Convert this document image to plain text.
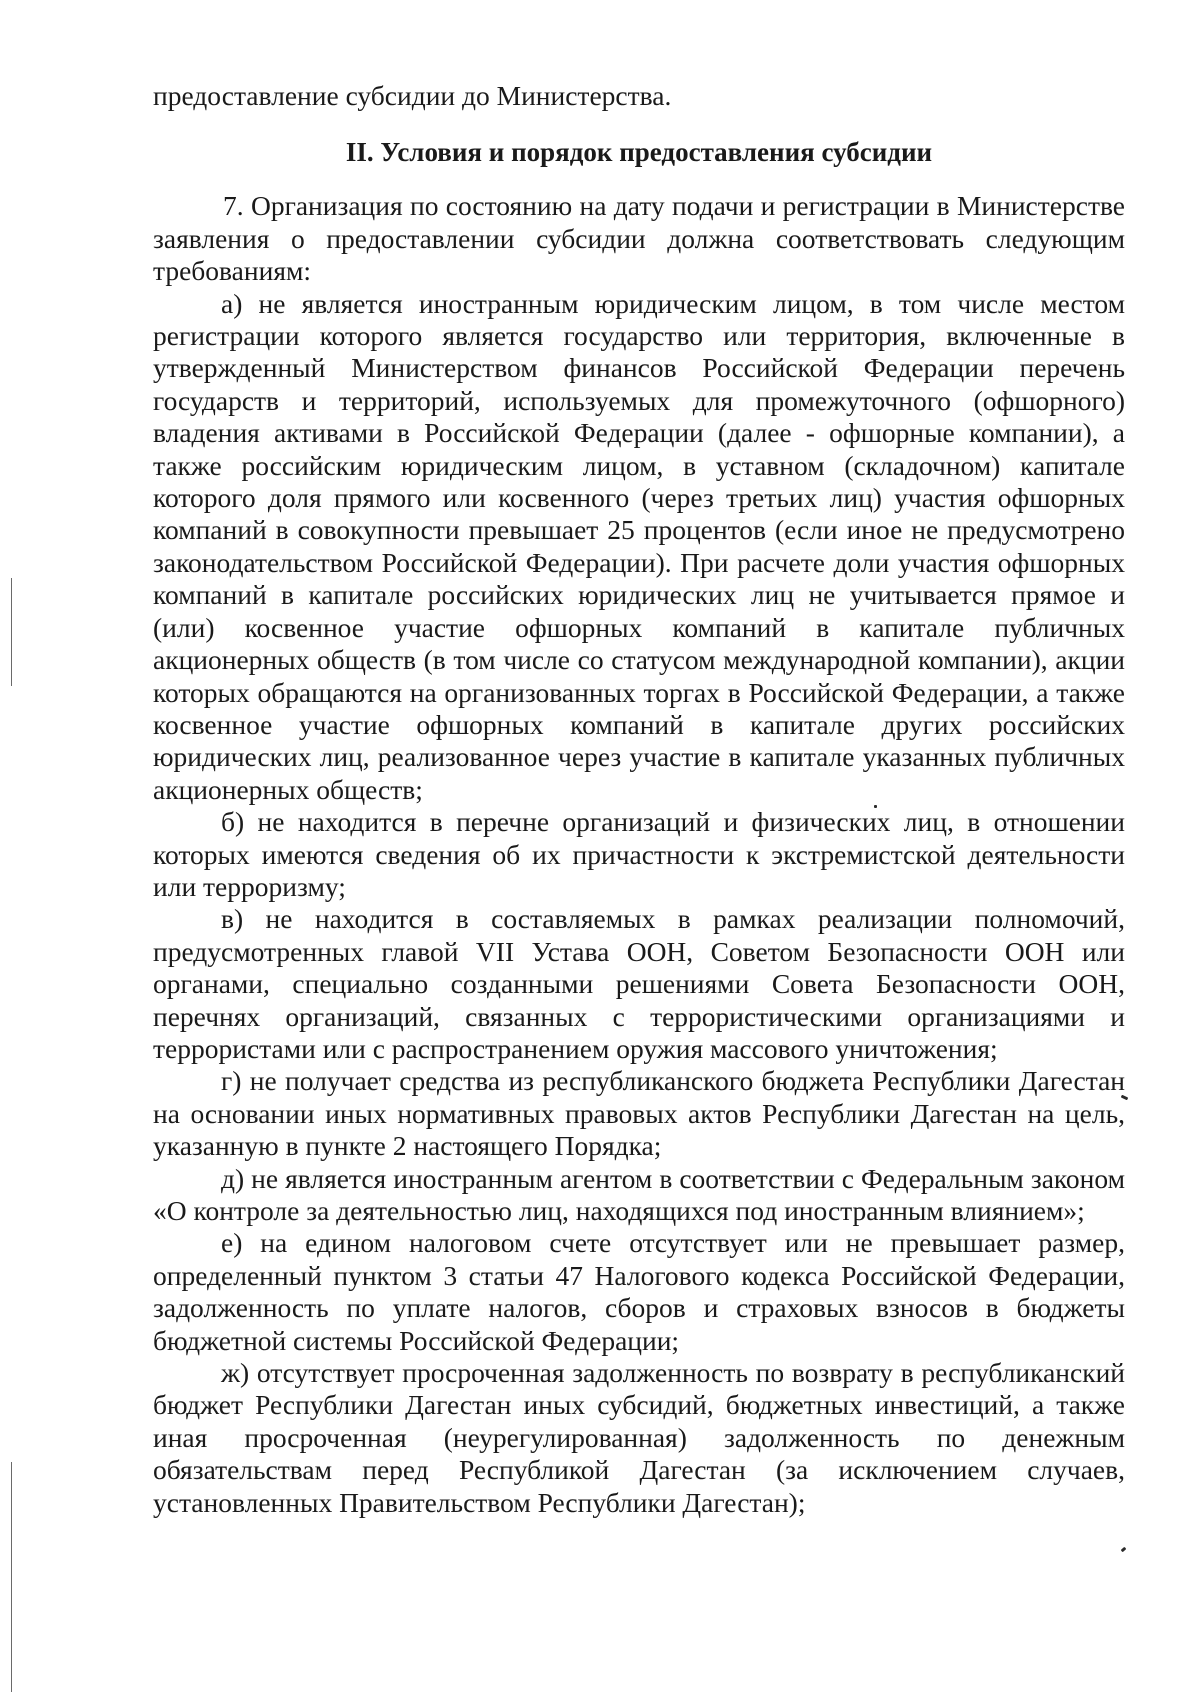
предоставление субсидии до Министерства.

II. Условия и порядок предоставления субсидии

7. Организация по состоянию на дату подачи и регистрации в Министерстве заявления о предоставлении субсидии должна соответствовать следующим требованиям:

а) не является иностранным юридическим лицом, в том числе местом регистрации которого является государство или территория, включенные в утвержденный Министерством финансов Российской Федерации перечень государств и территорий, используемых для промежуточного (офшорного) владения активами в Российской Федерации (далее - офшорные компании), а также российским юридическим лицом, в уставном (складочном) капитале которого доля прямого или косвенного (через третьих лиц) участия офшорных компаний в совокупности превышает 25 процентов (если иное не предусмотрено законодательством Российской Федерации). При расчете доли участия офшорных компаний в капитале российских юридических лиц не учитывается прямое и (или) косвенное участие офшорных компаний в капитале публичных акционерных обществ (в том числе со статусом международной компании), акции которых обращаются на организованных торгах в Российской Федерации, а также косвенное участие офшорных компаний в капитале других российских юридических лиц, реализованное через участие в капитале указанных публичных акционерных обществ;

б) не находится в перечне организаций и физических лиц, в отношении которых имеются сведения об их причастности к экстремистской деятельности или терроризму;

в) не находится в составляемых в рамках реализации полномочий, предусмотренных главой VII Устава ООН, Советом Безопасности ООН или органами, специально созданными решениями Совета Безопасности ООН, перечнях организаций, связанных с террористическими организациями и террористами или с распространением оружия массового уничтожения;

г) не получает средства из республиканского бюджета Республики Дагестан на основании иных нормативных правовых актов Республики Дагестан на цель, указанную в пункте 2 настоящего Порядка;

д) не является иностранным агентом в соответствии с Федеральным законом «О контроле за деятельностью лиц, находящихся под иностранным влиянием»;

е) на едином налоговом счете отсутствует или не превышает размер, определенный пунктом 3 статьи 47 Налогового кодекса Российской Федерации, задолженность по уплате налогов, сборов и страховых взносов в бюджеты бюджетной системы Российской Федерации;

ж) отсутствует просроченная задолженность по возврату в республиканский бюджет Республики Дагестан иных субсидий, бюджетных инвестиций, а также иная просроченная (неурегулированная) задолженность по денежным обязательствам перед Республикой Дагестан (за исключением случаев, установленных Правительством Республики Дагестан);
